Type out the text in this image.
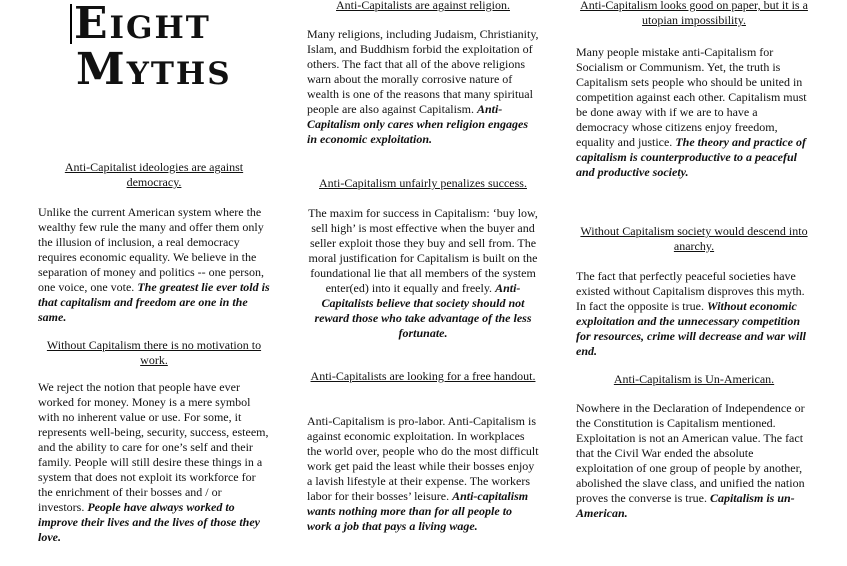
Eight
Myths

Anti-Capitalist ideologies are against democracy.

Unlike the current American system where the wealthy few rule the many and offer them only the illusion of inclusion, a real democracy requires economic equality. We believe in the separation of money and politics -- one person, one voice, one vote. The greatest lie ever told is that capitalism and freedom are one in the same.

Without Capitalism there is no motivation to work.

We reject the notion that people have ever worked for money. Money is a mere symbol with no inherent value or use. For some, it represents well-being, security, success, esteem, and the ability to care for one’s self and their family. People will still desire these things in a system that does not exploit its workforce for the enrichment of their bosses and / or investors. People have always worked to improve their lives and the lives of those they love.

Anti-Capitalists are against religion.

Many religions, including Judaism, Christianity, Islam, and Buddhism forbid the exploitation of others. The fact that all of the above religions warn about the morally corrosive nature of wealth is one of the reasons that many spiritual people are also against Capitalism. Anti-Capitalism only cares when religion engages in economic exploitation.

Anti-Capitalism unfairly penalizes success.

The maxim for success in Capitalism: ‘buy low, sell high’ is most effective when the buyer and seller exploit those they buy and sell from. The moral justification for Capitalism is built on the foundational lie that all members of the system enter(ed) into it equally and freely. Anti-Capitalists believe that society should not reward those who take advantage of the less fortunate.

Anti-Capitalists are looking for a free handout.

Anti-Capitalism is pro-labor. Anti-Capitalism is against economic exploitation. In workplaces the world over, people who do the most difficult work get paid the least while their bosses enjoy a lavish lifestyle at their expense. The workers labor for their bosses’ leisure. Anti-capitalism wants nothing more than for all people to work a job that pays a living wage.

Anti-Capitalism looks good on paper, but it is a utopian impossibility.

Many people mistake anti-Capitalism for Socialism or Communism. Yet, the truth is Capitalism sets people who should be united in competition against each other. Capitalism must be done away with if we are to have a democracy whose citizens enjoy freedom, equality and justice. The theory and practice of capitalism is counterproductive to a peaceful and productive society.

Without Capitalism society would descend into anarchy.

The fact that perfectly peaceful societies have existed without Capitalism disproves this myth. In fact the opposite is true. Without economic exploitation and the unnecessary competition for resources, crime will decrease and war will end.

Anti-Capitalism is Un-American.

Nowhere in the Declaration of Independence or the Constitution is Capitalism mentioned. Exploitation is not an American value. The fact that the Civil War ended the absolute exploitation of one group of people by another, abolished the slave class, and unified the nation proves the converse is true. Capitalism is un-American.
